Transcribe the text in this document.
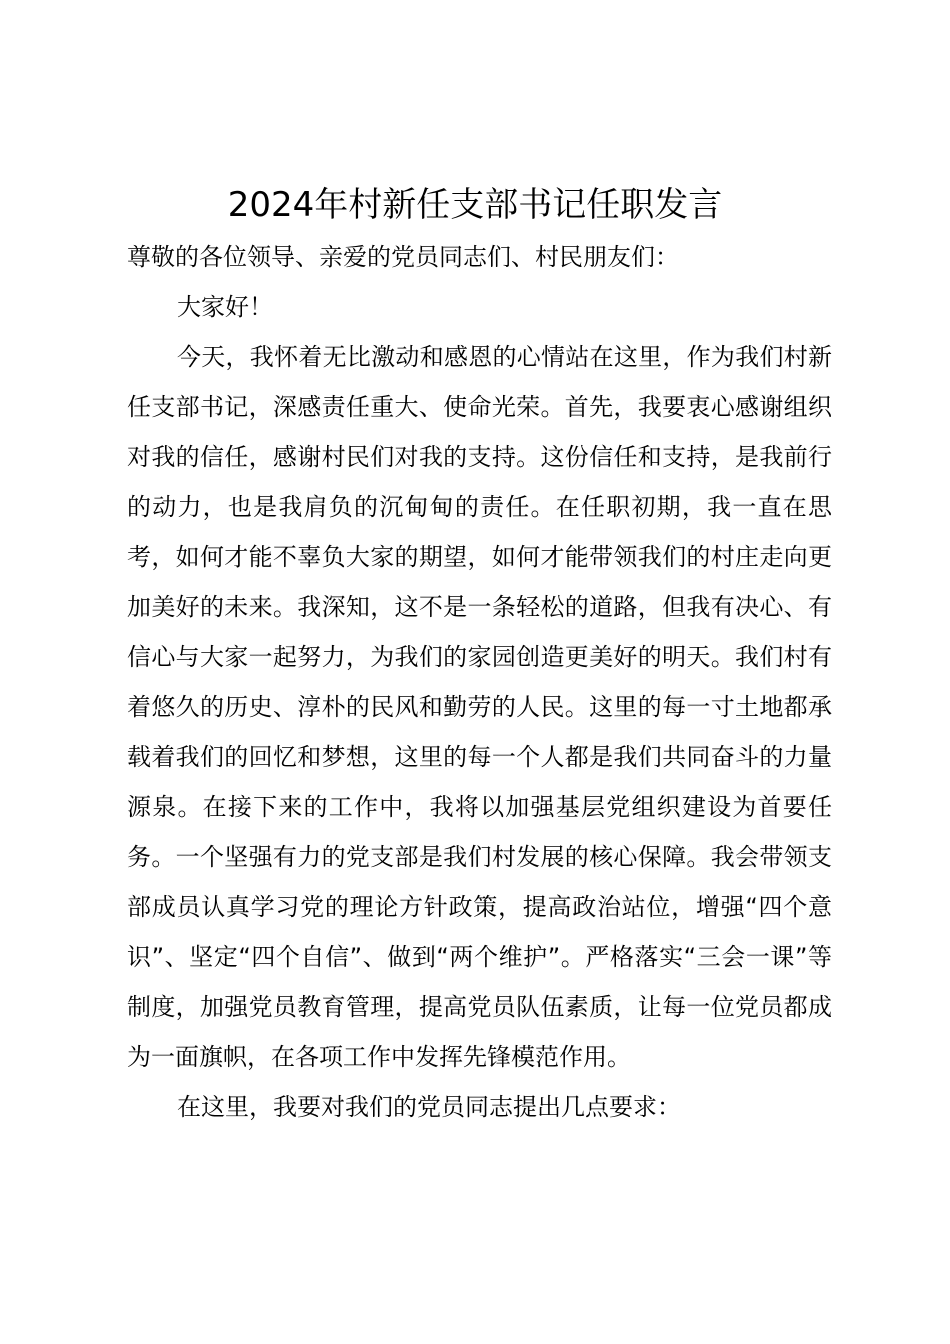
2024年村新任支部书记任职发言

尊敬的各位领导、亲爱的党员同志们、村民朋友们：

大家好！

今天，我怀着无比激动和感恩的心情站在这里，作为我们村新任支部书记，深感责任重大、使命光荣。首先，我要衷心感谢组织对我的信任，感谢村民们对我的支持。这份信任和支持，是我前行的动力，也是我肩负的沉甸甸的责任。在任职初期，我一直在思考，如何才能不辜负大家的期望，如何才能带领我们的村庄走向更加美好的未来。我深知，这不是一条轻松的道路，但我有决心、有信心与大家一起努力，为我们的家园创造更美好的明天。我们村有着悠久的历史、淳朴的民风和勤劳的人民。这里的每一寸土地都承载着我们的回忆和梦想，这里的每一个人都是我们共同奋斗的力量源泉。在接下来的工作中，我将以加强基层党组织建设为首要任务。一个坚强有力的党支部是我们村发展的核心保障。我会带领支部成员认真学习党的理论方针政策，提高政治站位，增强“四个意识”、坚定“四个自信”、做到“两个维护”。严格落实“三会一课”等制度，加强党员教育管理，提高党员队伍素质，让每一位党员都成为一面旗帜，在各项工作中发挥先锋模范作用。

在这里，我要对我们的党员同志提出几点要求：
